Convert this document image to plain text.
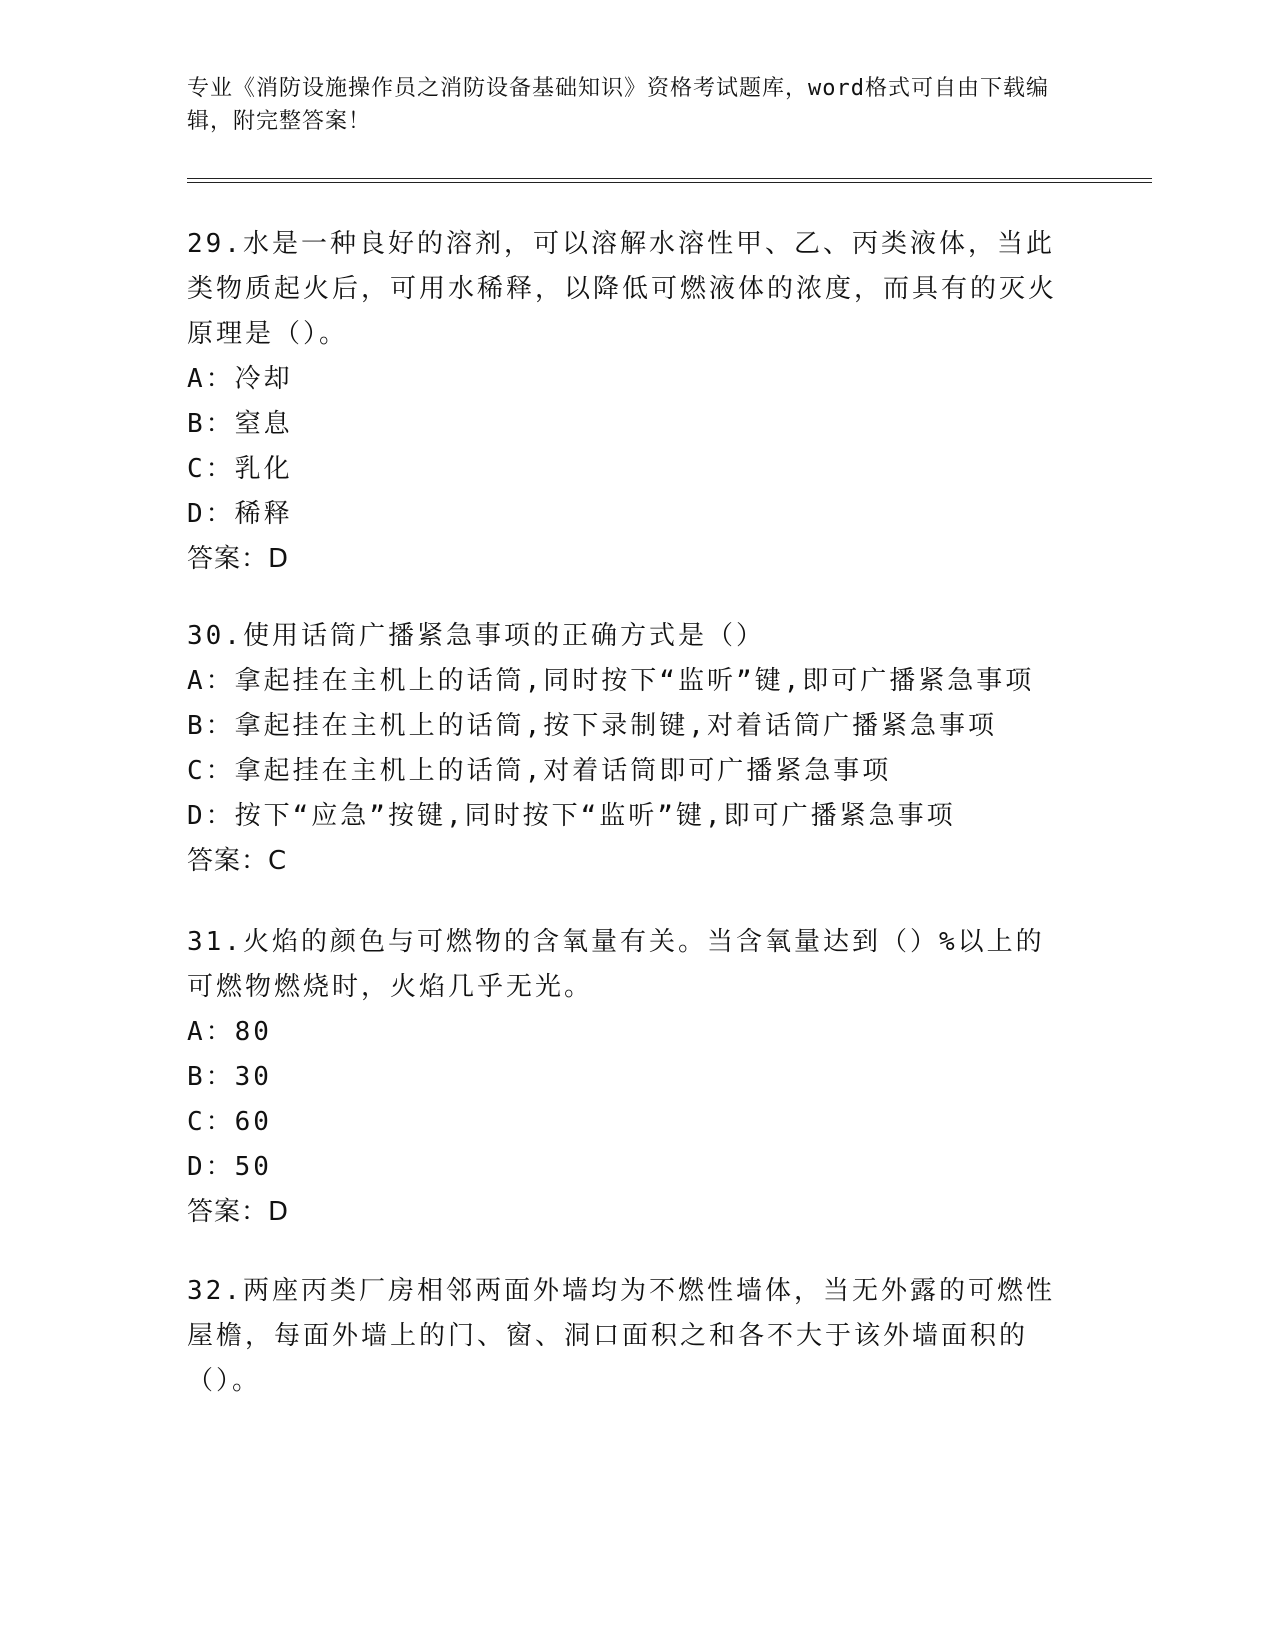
专业《消防设施操作员之消防设备基础知识》资格考试题库，word格式可自由下载编辑，附完整答案！

29.水是一种良好的溶剂，可以溶解水溶性甲、乙、丙类液体，当此类物质起火后，可用水稀释，以降低可燃液体的浓度，而具有的灭火原理是（）。

A：冷却

B：窒息

C：乳化

D：稀释

答案：D

30.使用话筒广播紧急事项的正确方式是（）

A：拿起挂在主机上的话筒,同时按下“监听”键,即可广播紧急事项

B：拿起挂在主机上的话筒,按下录制键,对着话筒广播紧急事项

C：拿起挂在主机上的话筒,对着话筒即可广播紧急事项

D：按下“应急”按键,同时按下“监听”键,即可广播紧急事项

答案：C

31.火焰的颜色与可燃物的含氧量有关。当含氧量达到（）%以上的可燃物燃烧时，火焰几乎无光。

A：80

B：30

C：60

D：50

答案：D

32.两座丙类厂房相邻两面外墙均为不燃性墙体，当无外露的可燃性屋檐，每面外墙上的门、窗、洞口面积之和各不大于该外墙面积的（）。
